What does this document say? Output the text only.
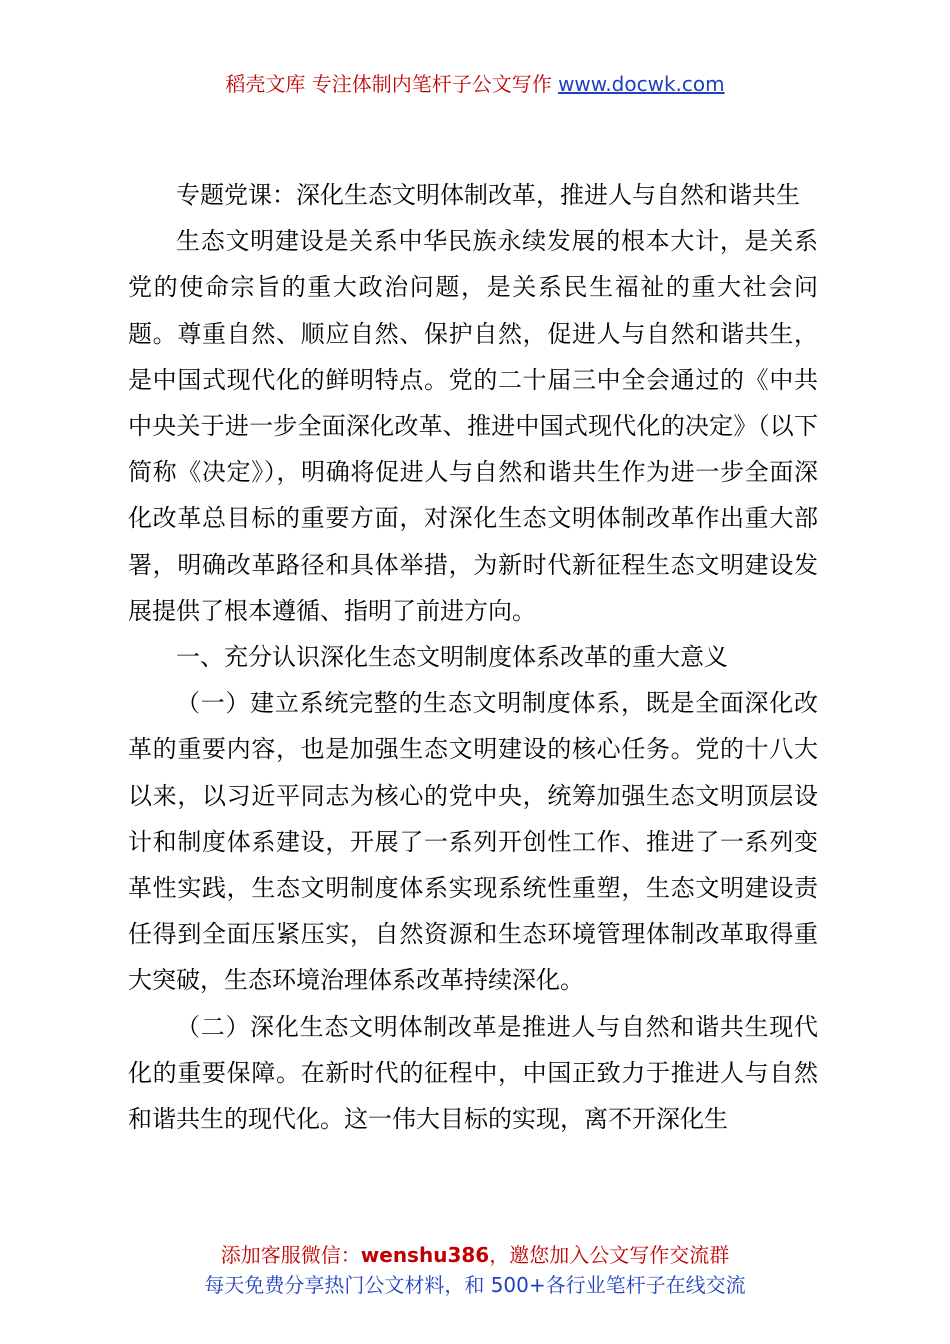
稻壳文库 专注体制内笔杆子公文写作 www.docwk.com

专题党课：深化生态文明体制改革，推进人与自然和谐共生

生态文明建设是关系中华民族永续发展的根本大计，是关系党的使命宗旨的重大政治问题，是关系民生福祉的重大社会问题。尊重自然、顺应自然、保护自然，促进人与自然和谐共生，是中国式现代化的鲜明特点。党的二十届三中全会通过的《中共中央关于进一步全面深化改革、推进中国式现代化的决定》（以下简称《决定》），明确将促进人与自然和谐共生作为进一步全面深化改革总目标的重要方面，对深化生态文明体制改革作出重大部署，明确改革路径和具体举措，为新时代新征程生态文明建设发展提供了根本遵循、指明了前进方向。

一、充分认识深化生态文明制度体系改革的重大意义

（一）建立系统完整的生态文明制度体系，既是全面深化改革的重要内容，也是加强生态文明建设的核心任务。党的十八大以来，以习近平同志为核心的党中央，统筹加强生态文明顶层设计和制度体系建设，开展了一系列开创性工作、推进了一系列变革性实践，生态文明制度体系实现系统性重塑，生态文明建设责任得到全面压紧压实，自然资源和生态环境管理体制改革取得重大突破，生态环境治理体系改革持续深化。

（二）深化生态文明体制改革是推进人与自然和谐共生现代化的重要保障。在新时代的征程中，中国正致力于推进人与自然和谐共生的现代化。这一伟大目标的实现，离不开深化生

添加客服微信：wenshu386，邀您加入公文写作交流群
每天免费分享热门公文材料，和 500+各行业笔杆子在线交流
